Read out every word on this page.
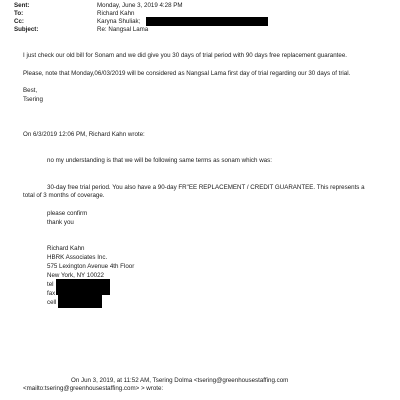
Sent:	Monday, June 3, 2019 4:28 PM
To:	Richard Kahn
Cc:	Karyna Shuliak;
Subject:	Re: Nangsal Lama
I just check our old bill for Sonam and we did give you 30 days of trial period with 90 days free replacement guarantee.
Please, note that Monday,06/03/2019 will be considered as Nangsal Lama first day of trial regarding our 30 days of trial.
Best,
Tsering
On 6/3/2019 12:06 PM, Richard Kahn wrote:
no my understanding is that we will be following same terms as sonam which was:
30-day free trial period. You also have a 90-day FR"EE REPLACEMENT / CREDIT GUARANTEE. This represents a
total of 3 months of coverage.
please confirm
thank you
Richard Kahn
HBRK Associates Inc.
575 Lexington Avenue 4th Floor
New York, NY 10022
tel
fax
cell
On Jun 3, 2019, at 11:52 AM, Tsering Dolma <tsering@greenhousestaffing.com
<mailto:tsering@greenhousestaffing.com> > wrote:
